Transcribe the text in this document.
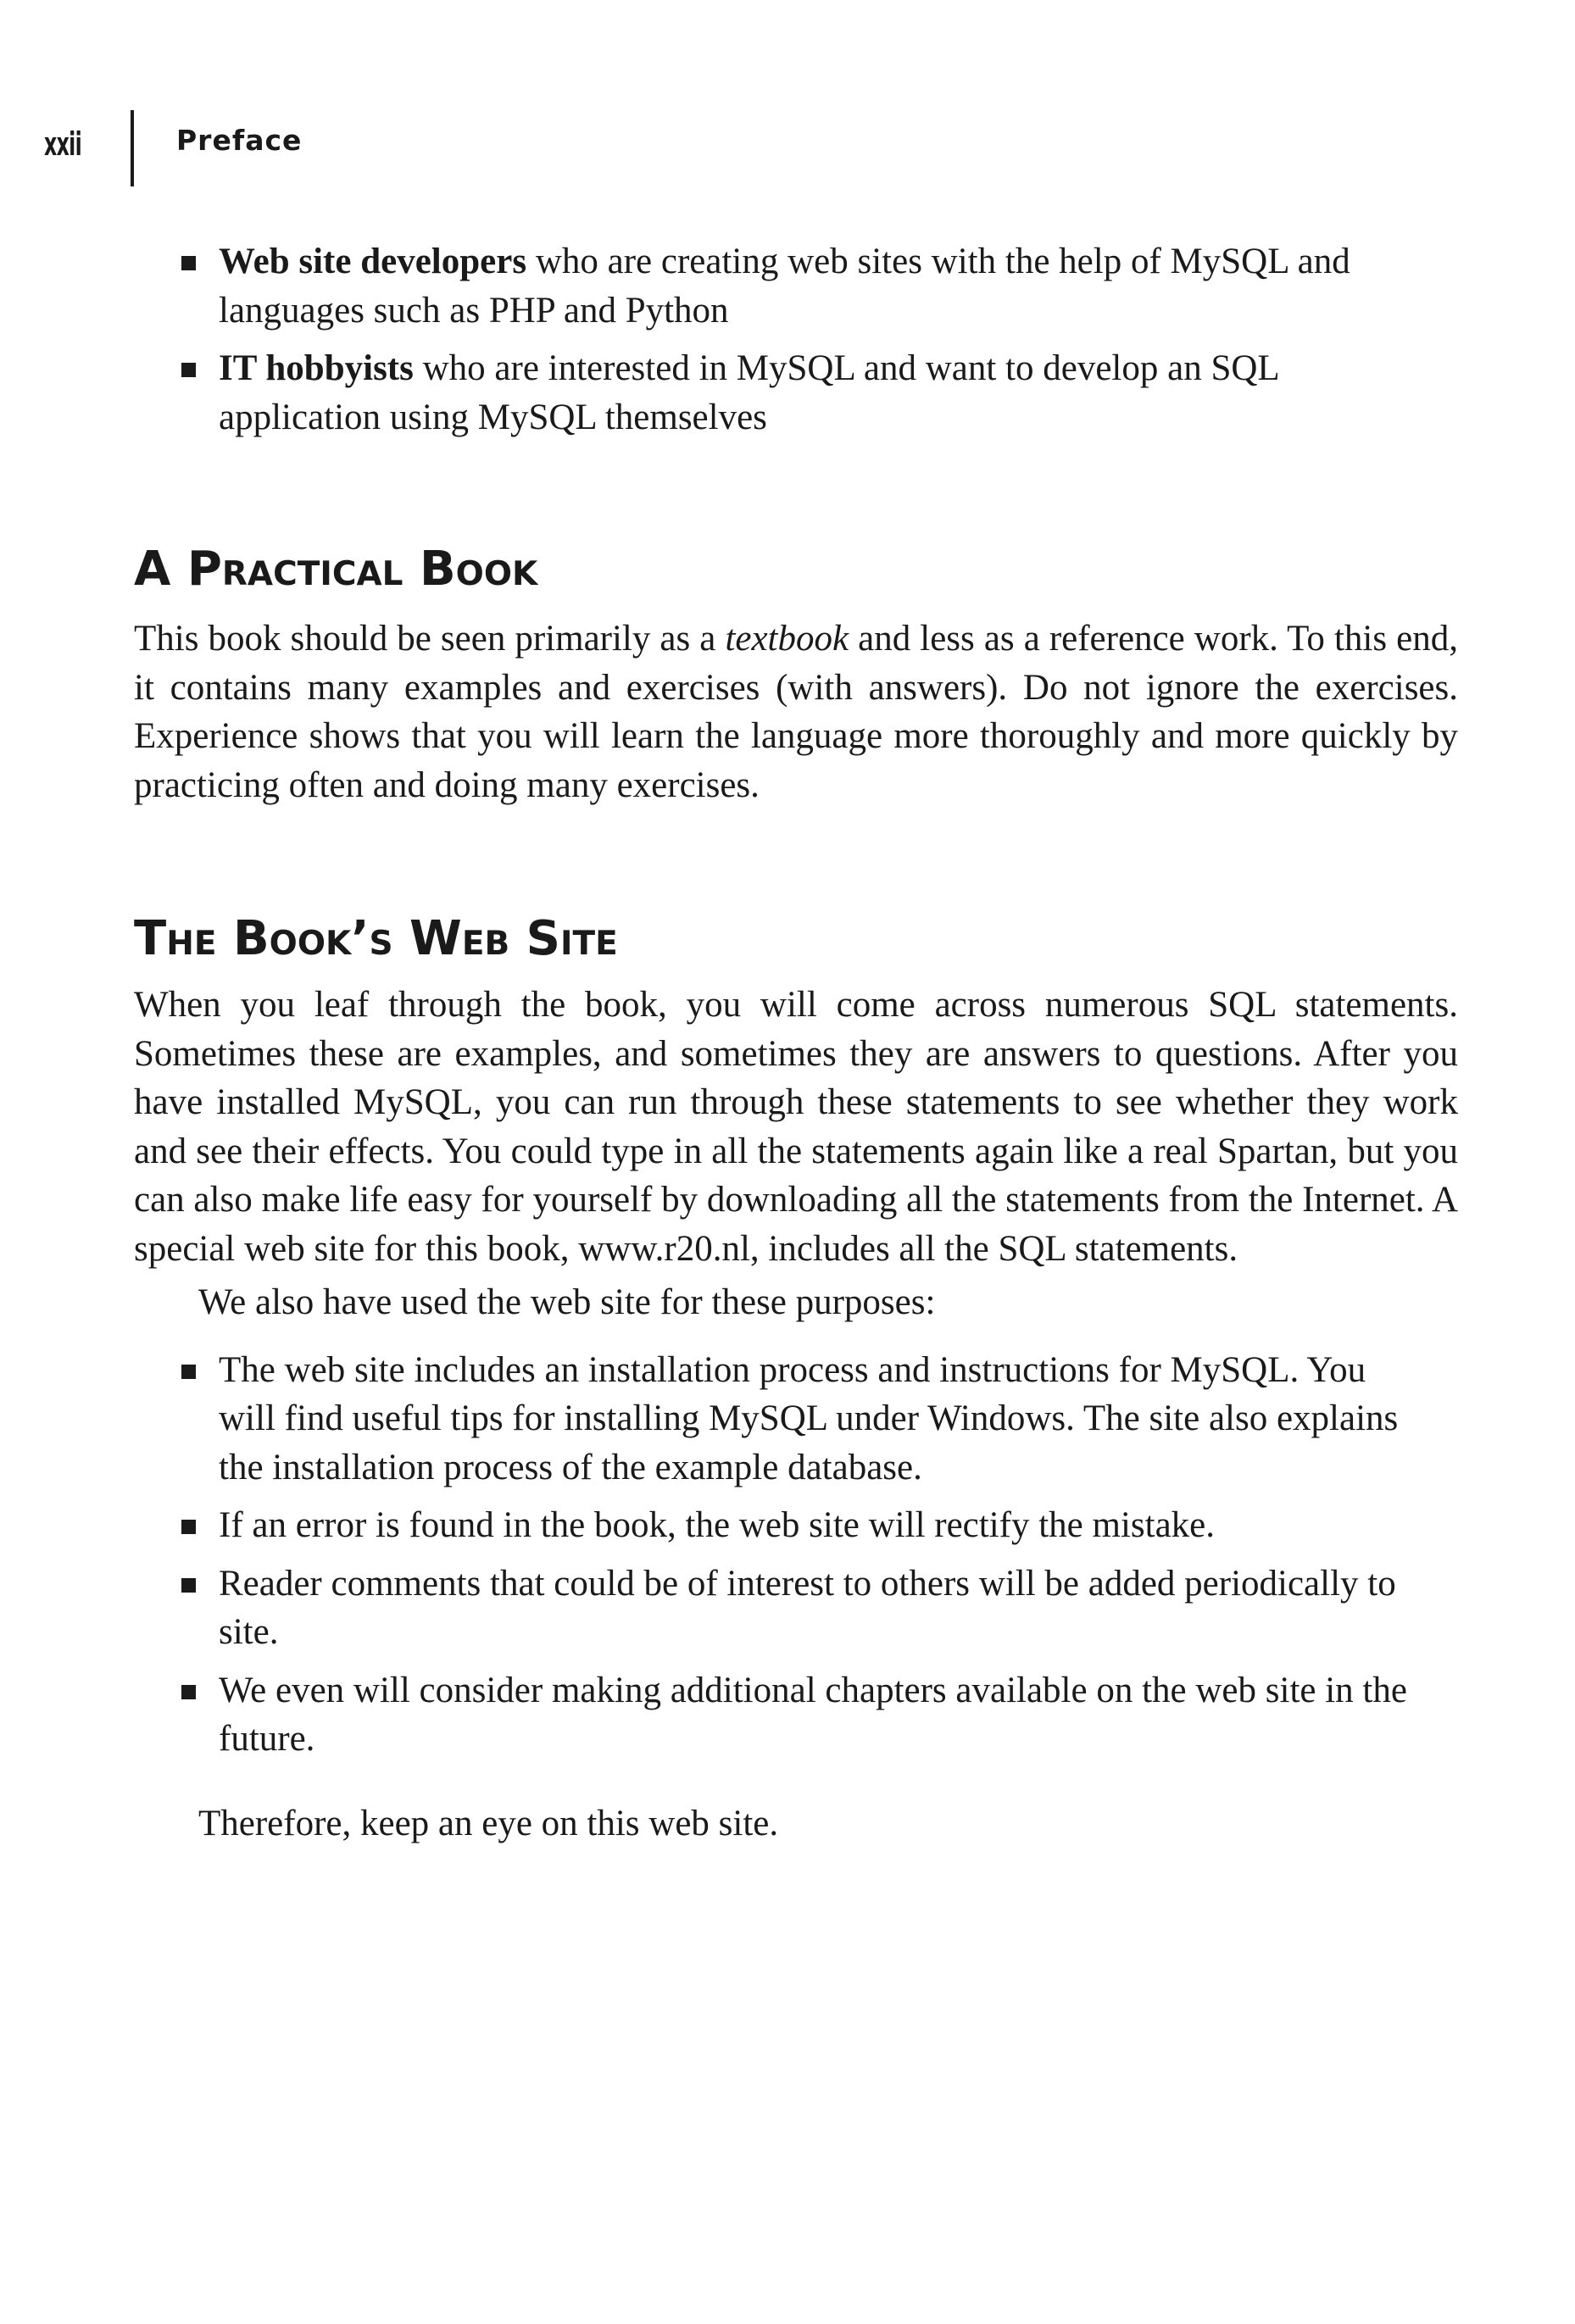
xxii	Preface
Web site developers who are creating web sites with the help of MySQL and languages such as PHP and Python
IT hobbyists who are interested in MySQL and want to develop an SQL application using MySQL themselves
A Practical Book

This book should be seen primarily as a textbook and less as a reference work. To this end, it contains many examples and exercises (with answers). Do not ignore the exercises. Experience shows that you will learn the language more thoroughly and more quickly by practicing often and doing many exercises.

The Book’s Web Site

When you leaf through the book, you will come across numerous SQL statements. Sometimes these are examples, and sometimes they are answers to questions. After you have installed MySQL, you can run through these statements to see whether they work and see their effects. You could type in all the statements again like a real Spartan, but you can also make life easy for yourself by downloading all the statements from the Internet. A special web site for this book, www.r20.nl, includes all the SQL statements.

We also have used the web site for these purposes:

The web site includes an installation process and instructions for MySQL. You will find useful tips for installing MySQL under Windows. The site also explains the installation process of the example database.
If an error is found in the book, the web site will rectify the mistake.
Reader comments that could be of interest to others will be added periodically to site.
We even will consider making additional chapters available on the web site in the future.

Therefore, keep an eye on this web site.
